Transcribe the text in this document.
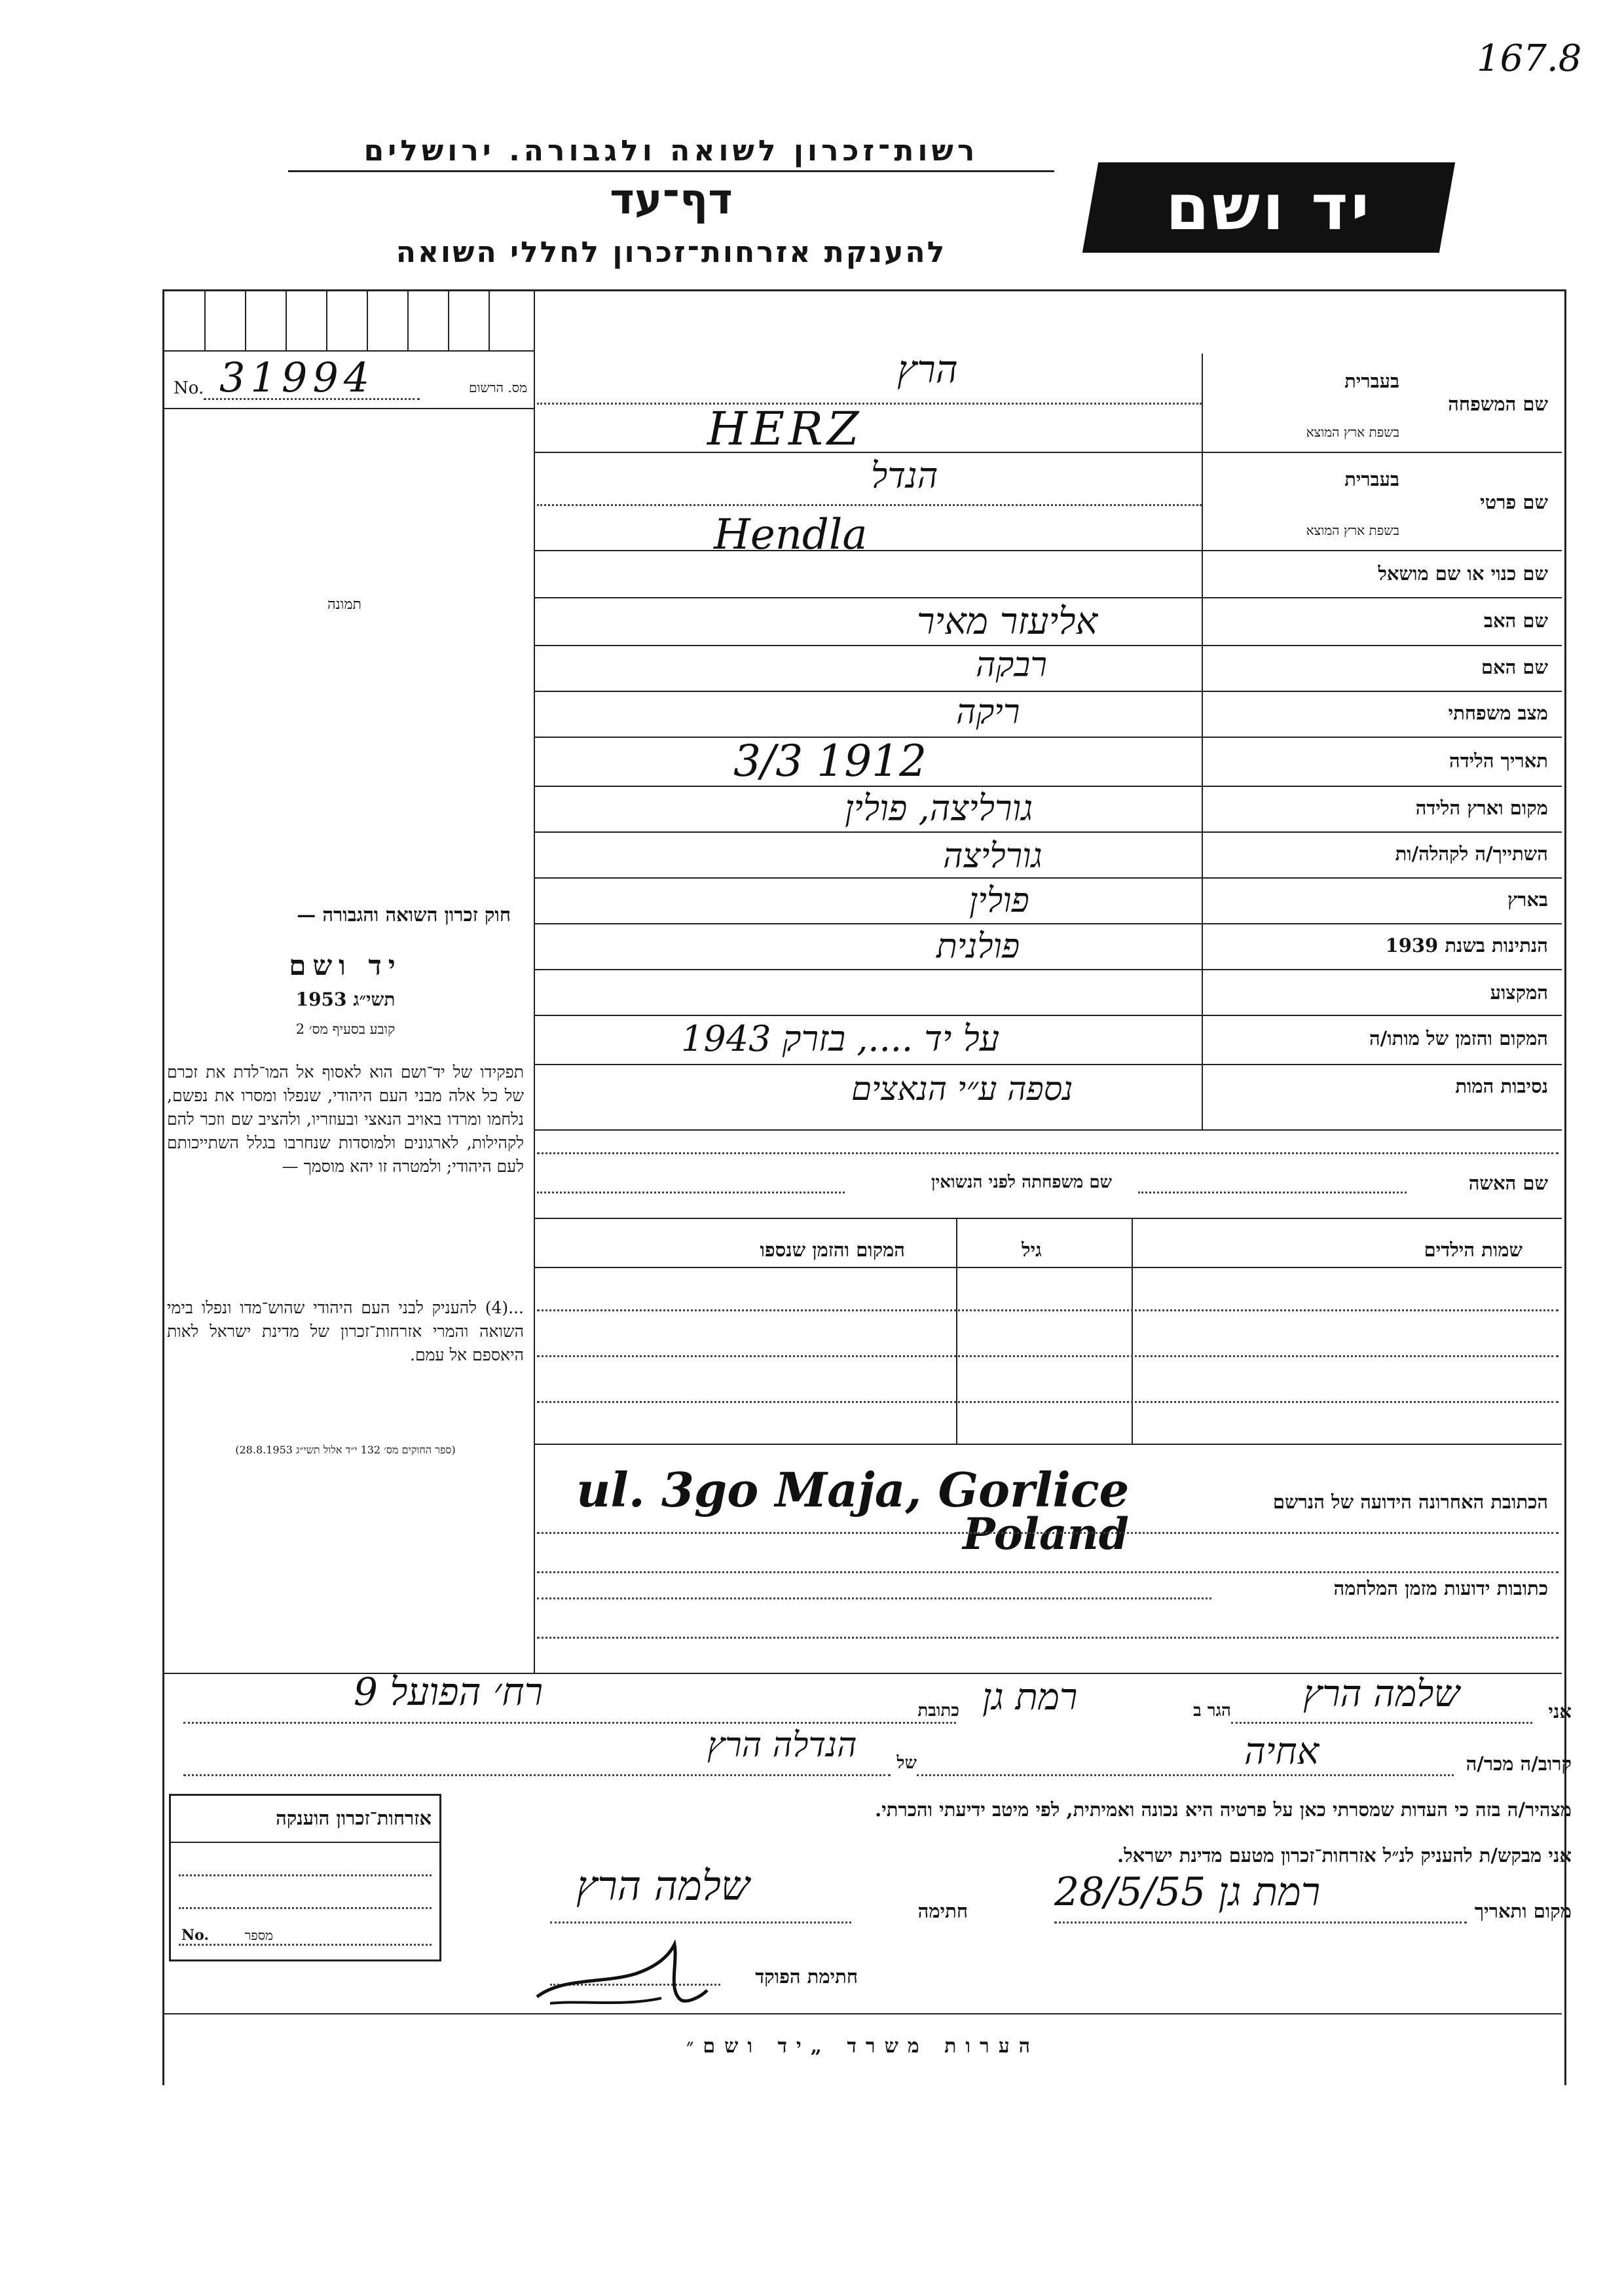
167.8
רשות־זכרון לשואה ולגבורה. ירושלים
דף־עד
להענקת אזרחות־זכרון לחללי השואה
יד ושם
No. 31994	מס. הרשום
תמונה
חוק זכרון השואה והגבורה —
יד ושם
תשי״ג 1953
קובע בסעיף מס׳ 2
תפקידו של יד־ושם הוא לאסוף אל המו־לדת את זכרם של כל אלה מבני העם היהודי, שנפלו ומסרו את נפשם, נלחמו ומרדו באויב הנאצי ובעוזריו, ולהציב שם וזכר להם לקהילות, לארגונים ולמוסדות שנחרבו בגלל השתייכותם לעם היהודי; ולמטרה זו יהא מוסמך —
...(4) להעניק לבני העם היהודי שהוש־מדו ונפלו בימי השואה והמרי אזרחות־זכרון של מדינת ישראל לאות היאספם אל עמם.
(ספר החוקים מס׳ 132 י״ד אלול תשי״ג 28.8.1953)
שם המשפחה
בעברית
בשפת ארץ המוצא
הרץ
HERZ
שם פרטי
בעברית
בשפת ארץ המוצא
הנדל
Hendla
שם כנוי או שם מושאל
שם האב
אליעזר מאיר
שם האם
רבקה
מצב משפחתי
ריקה
תאריך הלידה
3/3 1912
מקום וארץ הלידה
גורליצה, פולין
השתייך/ה לקהלה/ות
גורליצה
בארץ
פולין
הנתינות בשנת 1939
פולנית
המקצוע
המקום והזמן של מותו/ה
על יד ...., בזרק 1943
נסיבות המות
נספה ע״י הנאצים
שם האשה
שם משפחתה לפני הנשואין
שמות הילדים
גיל
המקום והזמן שנספו
הכתובת האחרונה הידועה של הנרשם
ul. 3go Maja, Gorlice
Poland
כתובות ידועות מזמן המלחמה
אני
שלמה הרץ
הגר ב
רמת גן
כתובת
רח׳ הפועל 9
קרוב/ה מכר/ה
אחיה
של
הנדלה הרץ
מצהיר/ה בזה כי העדות שמסרתי כאן על פרטיה היא נכונה ואמיתית, לפי מיטב ידיעתי והכרתי.
אני מבקש/ת להעניק לנ״ל אזרחות־זכרון מטעם מדינת ישראל.
מקום ותאריך
רמת גן 28/5/55
חתימה
שלמה הרץ
חתימת הפוקד
אזרחות־זכרון הוענקה
No.	מספר
הערות משרד „יד ושם״
